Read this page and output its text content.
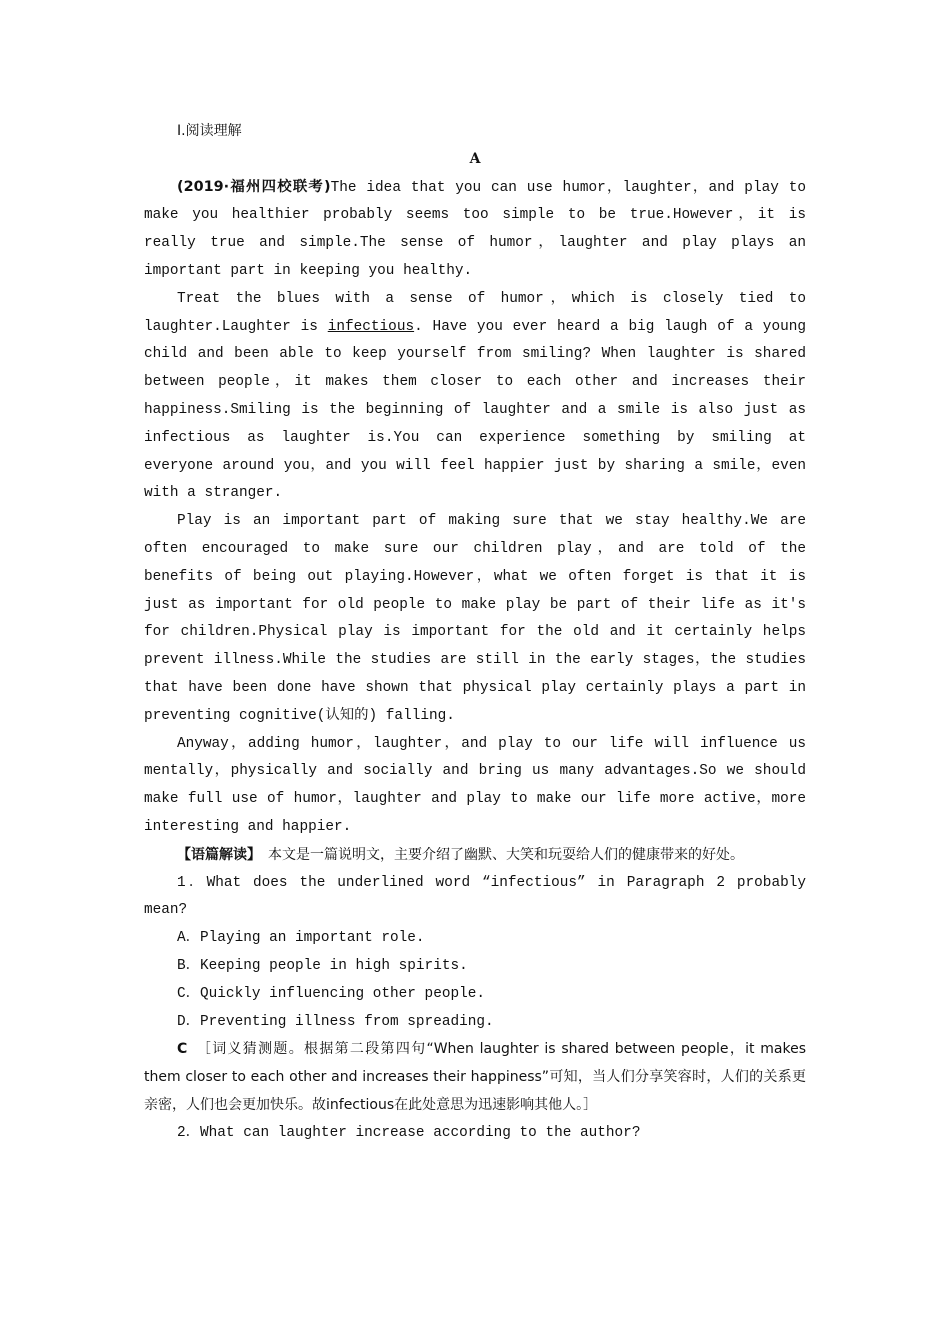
Ⅰ.阅读理解

A

(2019·福州四校联考)The idea that you can use humor，laughter，and play to make you healthier probably seems too simple to be true.However，it is really true and simple.The sense of humor，laughter and play plays an important part in keeping you healthy.

Treat the blues with a sense of humor，which is closely tied to laughter.Laughter is infectious. Have you ever heard a big laugh of a young child and been able to keep yourself from smiling? When laughter is shared between people，it makes them closer to each other and increases their happiness.Smiling is the beginning of laughter and a smile is also just as infectious as laughter is.You can experience something by smiling at everyone around you，and you will feel happier just by sharing a smile，even with a stranger.

Play is an important part of making sure that we stay healthy.We are often encouraged to make sure our children play，and are told of the benefits of being out playing.However，what we often forget is that it is just as important for old people to make play be part of their life as it's for children.Physical play is important for the old and it certainly helps prevent illness.While the studies are still in the early stages，the studies that have been done have shown that physical play certainly plays a part in preventing cognitive(认知的) falling.

Anyway，adding humor，laughter，and play to our life will influence us mentally，physically and socially and bring us many advantages.So we should make full use of humor，laughter and play to make our life more active，more interesting and happier.

【语篇解读】　 本文是一篇说明文，主要介绍了幽默、大笑和玩耍给人们的健康带来的好处。

1．What does the underlined word “infectious” in Paragraph 2 probably mean?

A．Playing an important role.

B．Keeping people in high spirits.

C．Quickly influencing other people.

D．Preventing illness from spreading.

C　 ［词义猜测题。根据第二段第四句“When laughter is shared between people，it makes them closer to each other and increases their happiness”可知，当人们分享笑容时，人们的关系更亲密，人们也会更加快乐。故infectious在此处意思为迅速影响其他人。］

2．What can laughter increase according to the author?
